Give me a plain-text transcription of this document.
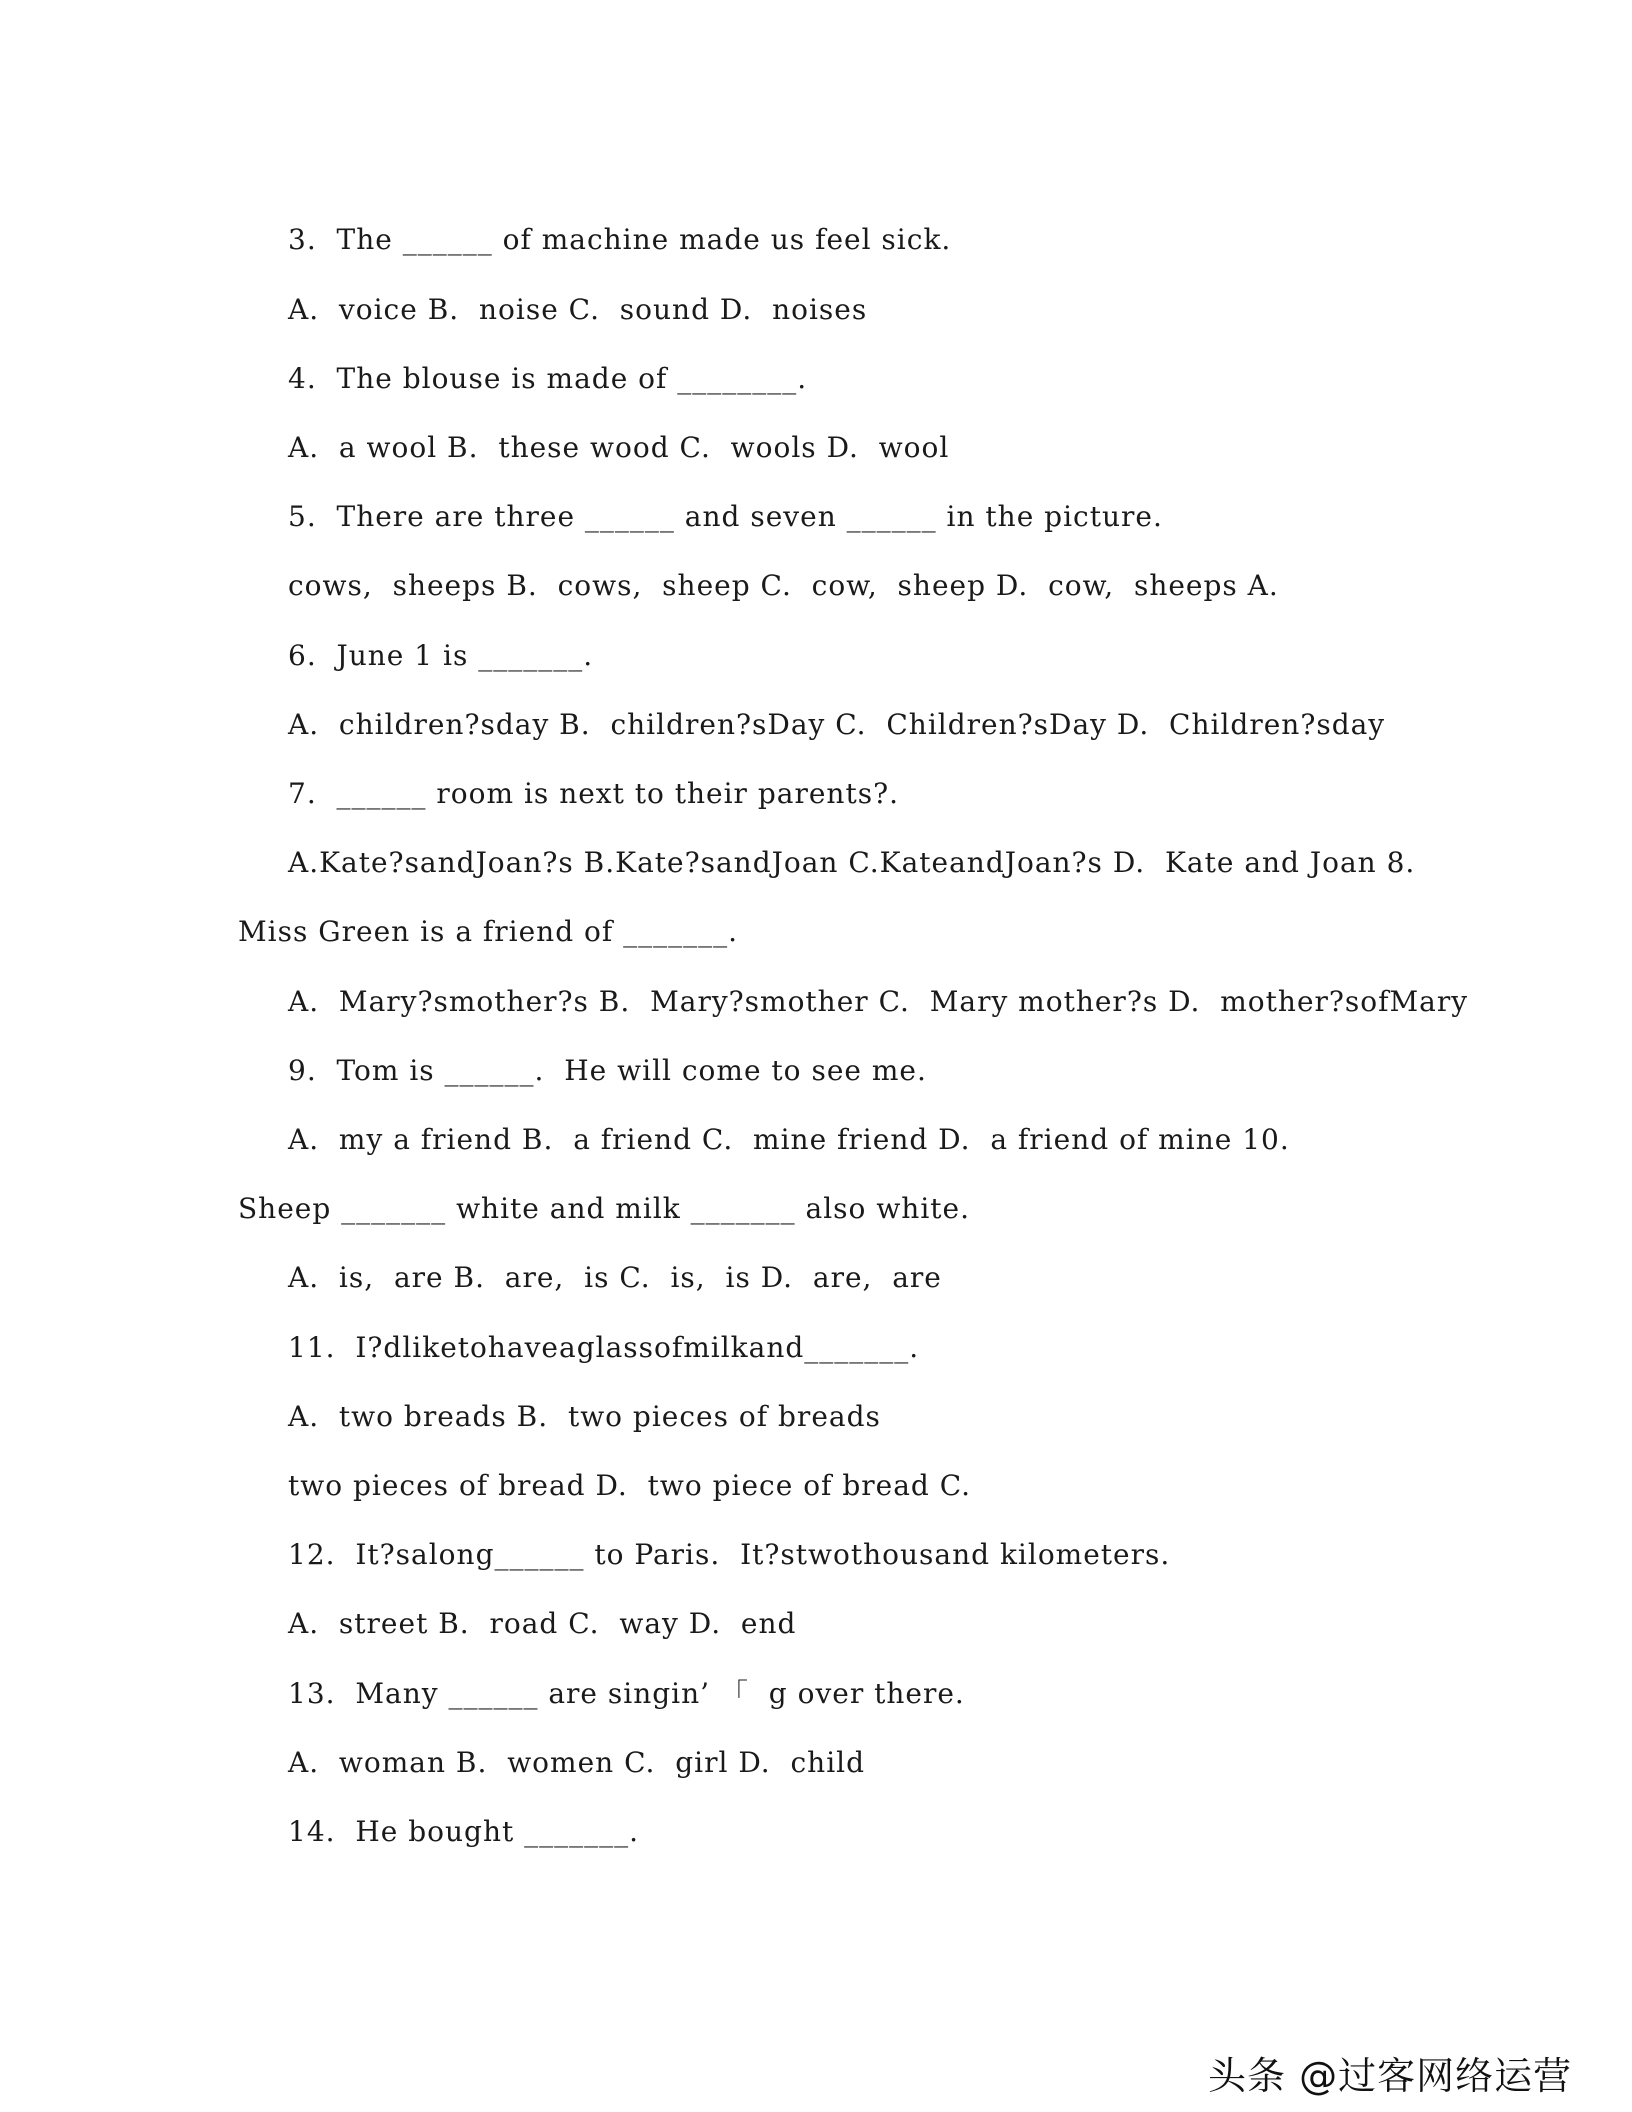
3.  The ______ of machine made us feel sick.
A.  voice B.  noise C.  sound D.  noises
4.  The blouse is made of ________.
A.  a wool B.  these wood C.  wools D.  wool
5.  There are three ______ and seven ______ in the picture.
cows,  sheeps B.  cows,  sheep C.  cow,  sheep D.  cow,  sheeps A.
6.  June 1 is _______.
A.  children?sday B.  children?sDay C.  Children?sDay D.  Children?sday
7.  ______ room is next to their parents?.
A.Kate?sandJoan?s B.Kate?sandJoan C.KateandJoan?s D.  Kate and Joan 8.
Miss Green is a friend of _______.
A.  Mary?smother?s B.  Mary?smother C.  Mary mother?s D.  mother?sofMary
9.  Tom is ______.  He will come to see me.
A.  my a friend B.  a friend C.  mine friend D.  a friend of mine 10.
Sheep _______ white and milk _______ also white.
A.  is,  are B.  are,  is C.  is,  is D.  are,  are
11.  I?dliketohaveaglassofmilkand_______.
A.  two breads B.  two pieces of breads
two pieces of bread D.  two piece of bread C.
12.  It?salong______ to Paris.  It?stwothousand kilometers.
A.  street B.  road C.  way D.  end
13.  Many ______ are singin’ 「  g over there.
A.  woman B.  women C.  girl D.  child
14.  He bought _______.
头条 @过客网络运营
